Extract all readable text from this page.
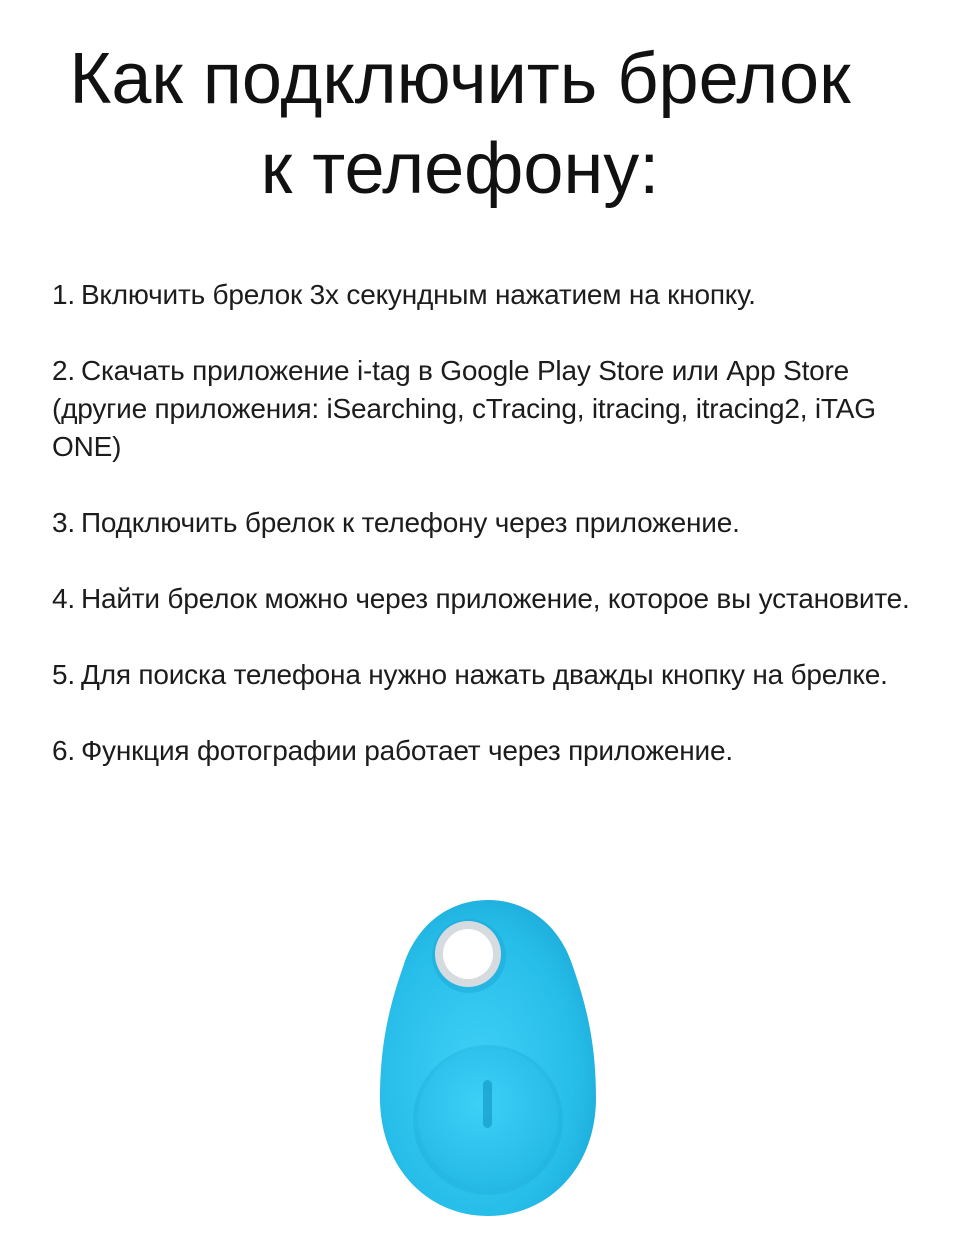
Как подключить брелок
к телефону:
1. Включить брелок 3х секундным нажатием на кнопку.
2. Скачать приложение i-tag в Google Play Store или App Store (другие приложения: iSearching, cTracing, itracing, itracing2, iTAG ONE)
3. Подключить брелок к телефону через приложение.
4. Найти брелок можно через приложение, которое вы установите.
5. Для поиска телефона нужно нажать дважды кнопку на брелке.
6. Функция фотографии работает через приложение.
